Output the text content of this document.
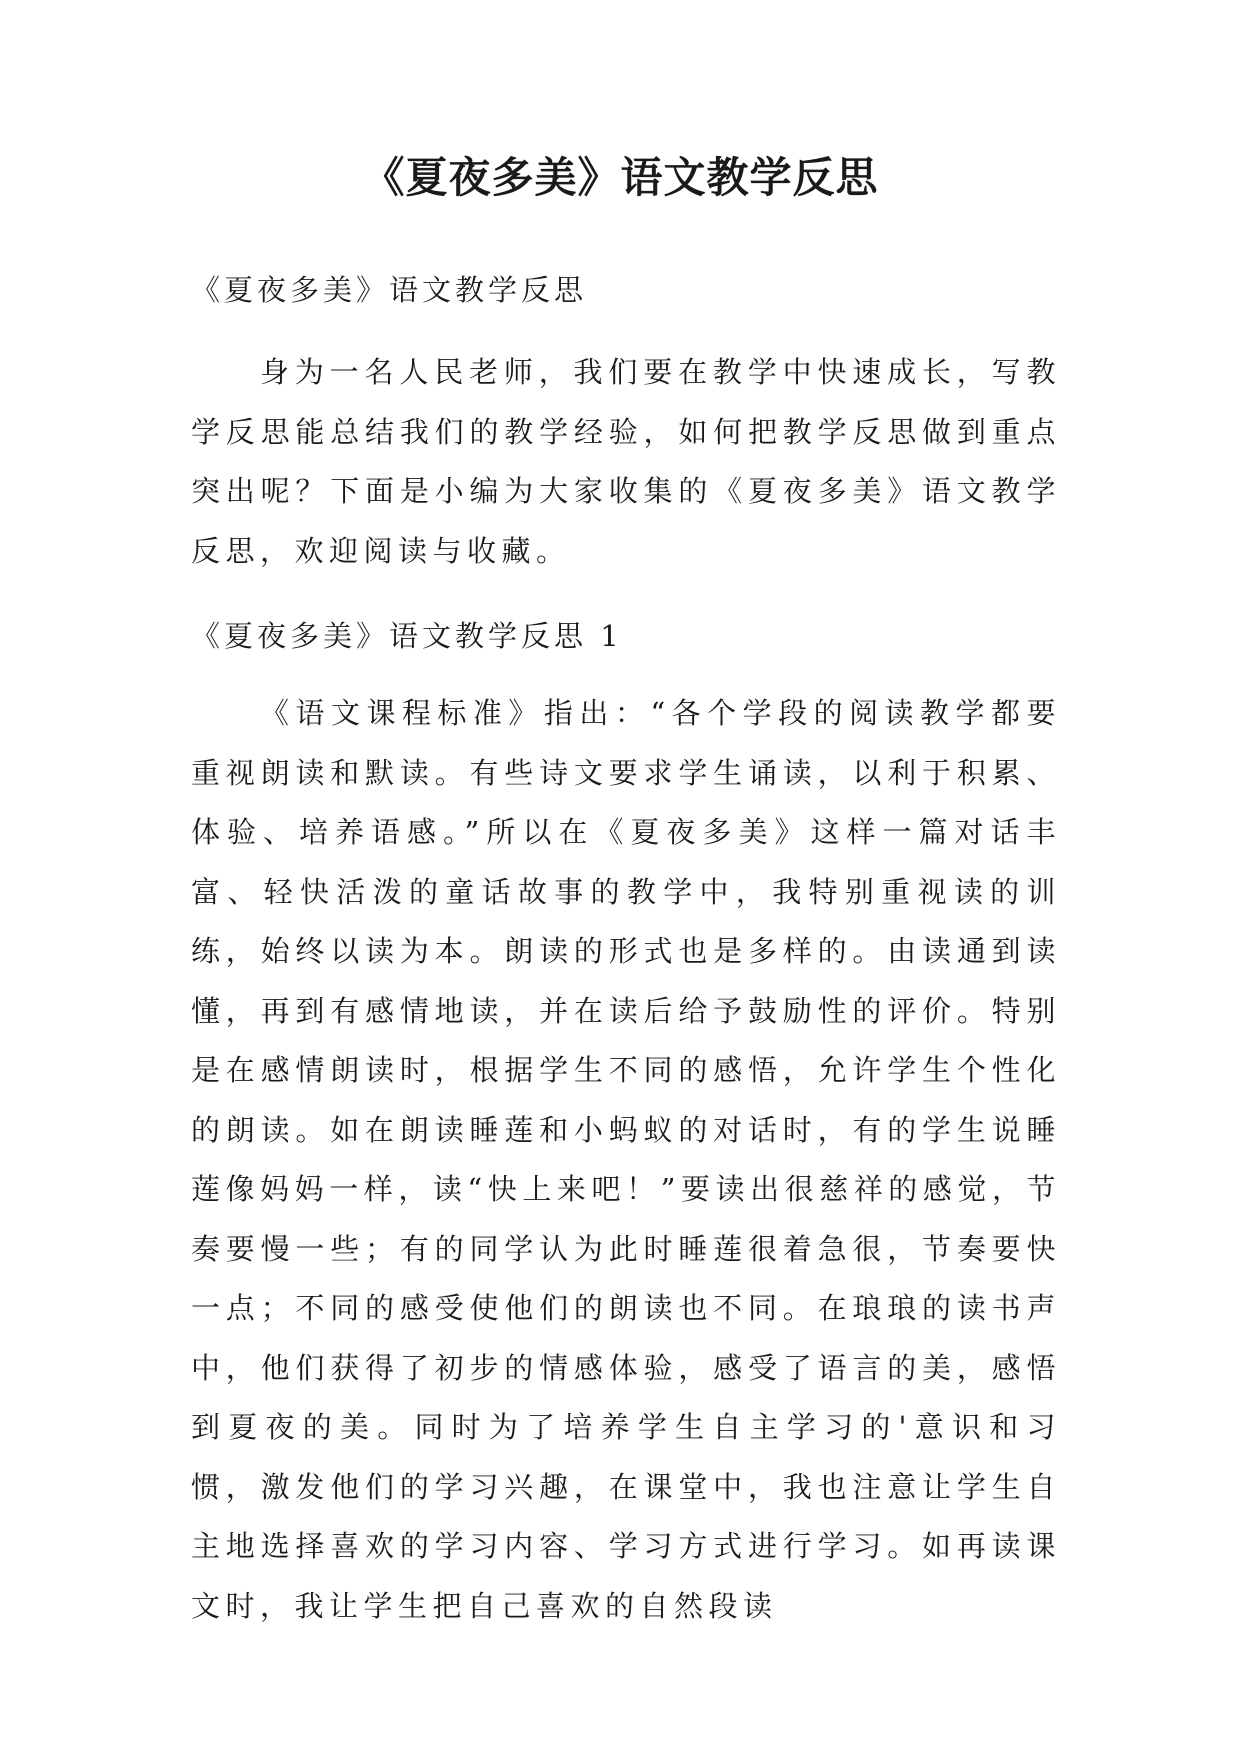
《夏夜多美》语文教学反思

《夏夜多美》语文教学反思

身为一名人民老师，我们要在教学中快速成长，写教学反思能总结我们的教学经验，如何把教学反思做到重点突出呢？下面是小编为大家收集的《夏夜多美》语文教学反思，欢迎阅读与收藏。

《夏夜多美》语文教学反思 1

《语文课程标准》指出：“各个学段的阅读教学都要重视朗读和默读。有些诗文要求学生诵读，以利于积累、体验、培养语感。”所以在《夏夜多美》这样一篇对话丰富、轻快活泼的童话故事的教学中，我特别重视读的训练，始终以读为本。朗读的形式也是多样的。由读通到读懂，再到有感情地读，并在读后给予鼓励性的评价。特别是在感情朗读时，根据学生不同的感悟，允许学生个性化的朗读。如在朗读睡莲和小蚂蚁的对话时，有的学生说睡莲像妈妈一样，读“快上来吧！”要读出很慈祥的感觉，节奏要慢一些；有的同学认为此时睡莲很着急很，节奏要快一点；不同的感受使他们的朗读也不同。在琅琅的读书声中，他们获得了初步的情感体验，感受了语言的美，感悟到夏夜的美。同时为了培养学生自主学习的'意识和习惯，激发他们的学习兴趣，在课堂中，我也注意让学生自主地选择喜欢的学习内容、学习方式进行学习。如再读课文时，我让学生把自己喜欢的自然段读
